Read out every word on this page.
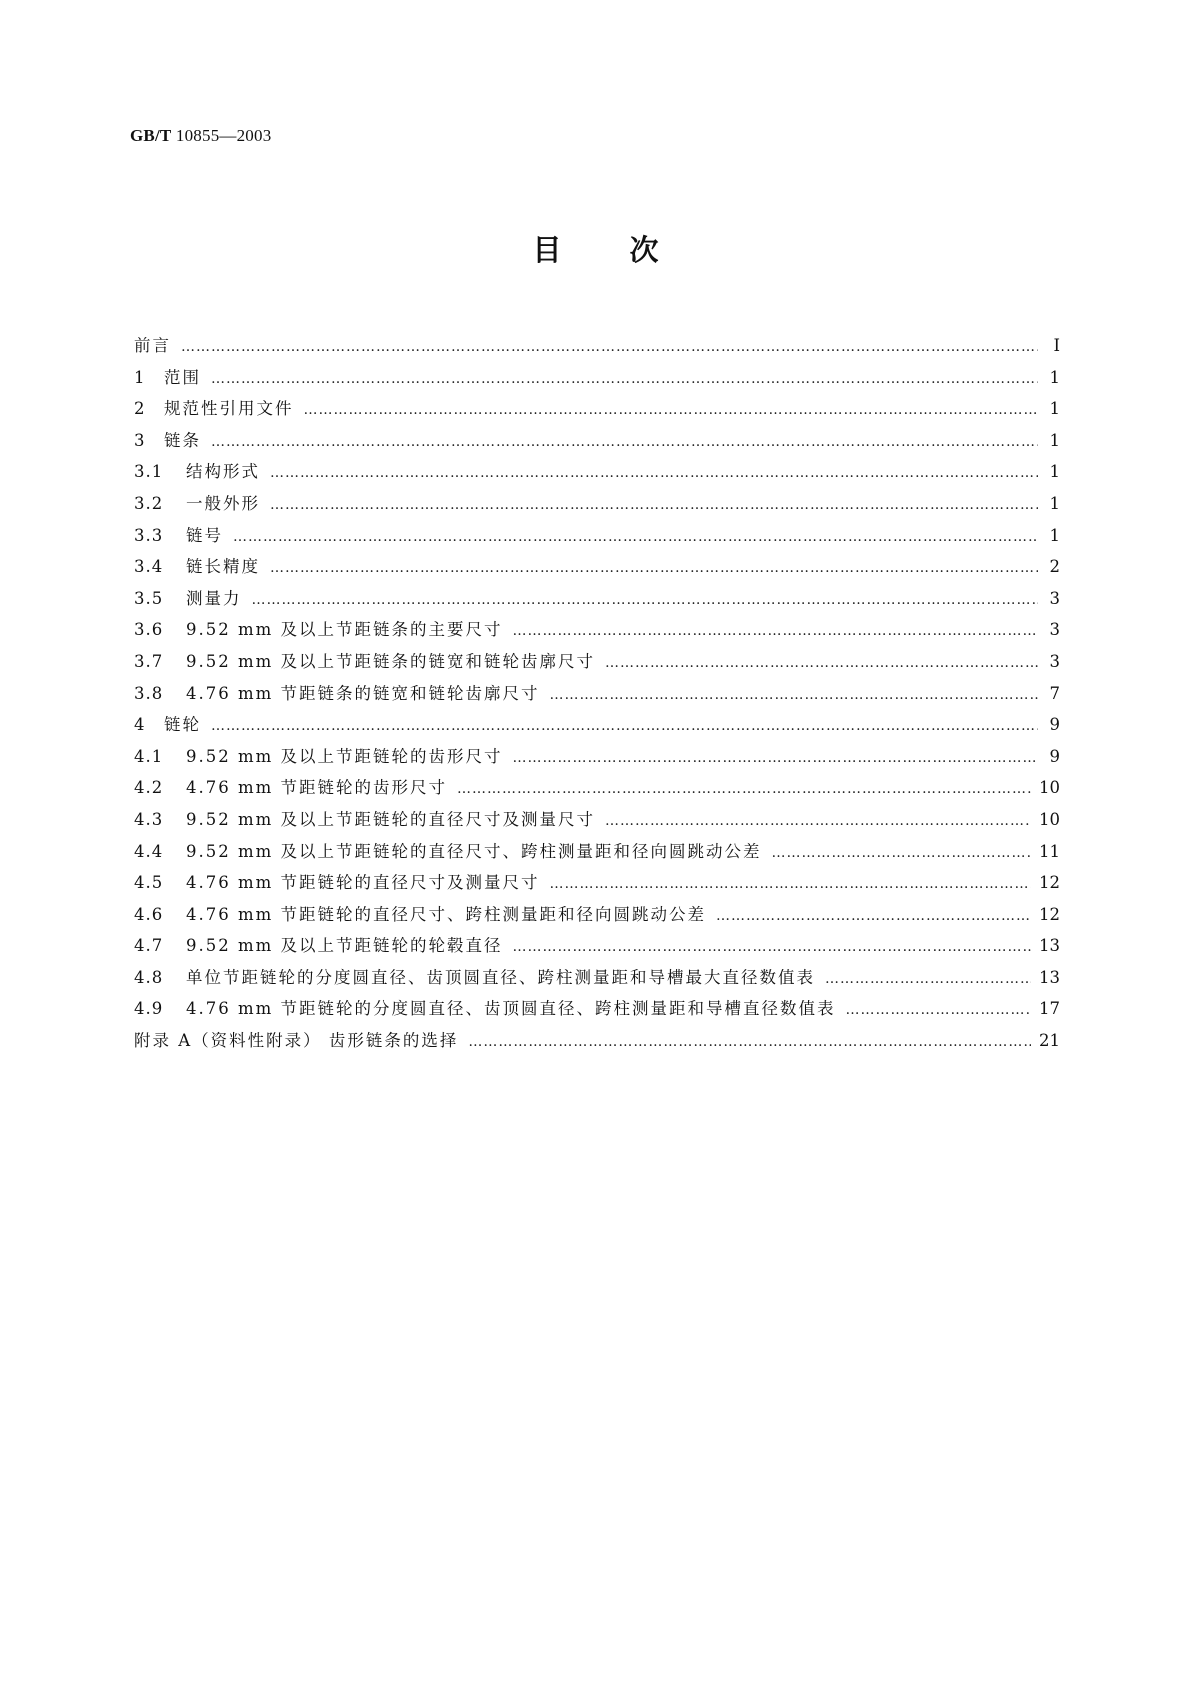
GB/T 10855—2003
目次
前言 ……………………………………………………………………………………………………………………………………………………………………………………………………	I
1	范围 ……………………………………………………………………………………………………………………………………………………………………………………………………	1
2	规范性引用文件 ……………………………………………………………………………………………………………………………………………………………………………………………………	1
3	链条 ……………………………………………………………………………………………………………………………………………………………………………………………………	1
3.1	结构形式 ……………………………………………………………………………………………………………………………………………………………………………………………………	1
3.2	一般外形 ……………………………………………………………………………………………………………………………………………………………………………………………………	1
3.3	链号 ……………………………………………………………………………………………………………………………………………………………………………………………………	1
3.4	链长精度 ……………………………………………………………………………………………………………………………………………………………………………………………………	2
3.5	测量力 ……………………………………………………………………………………………………………………………………………………………………………………………………	3
3.6	9.52 mm 及以上节距链条的主要尺寸 ……………………………………………………………………………………………………………………………………………………………………………………………………	3
3.7	9.52 mm 及以上节距链条的链宽和链轮齿廓尺寸 ……………………………………………………………………………………………………………………………………………………………………………………………………	3
3.8	4.76 mm 节距链条的链宽和链轮齿廓尺寸 ……………………………………………………………………………………………………………………………………………………………………………………………………	7
4	链轮 ……………………………………………………………………………………………………………………………………………………………………………………………………	9
4.1	9.52 mm 及以上节距链轮的齿形尺寸 ……………………………………………………………………………………………………………………………………………………………………………………………………	9
4.2	4.76 mm 节距链轮的齿形尺寸 ……………………………………………………………………………………………………………………………………………………………………………………………………	10
4.3	9.52 mm 及以上节距链轮的直径尺寸及测量尺寸 ……………………………………………………………………………………………………………………………………………………………………………………………………	10
4.4	9.52 mm 及以上节距链轮的直径尺寸、跨柱测量距和径向圆跳动公差 ……………………………………………………………………………………………………………………………………………………………………………………………………	11
4.5	4.76 mm 节距链轮的直径尺寸及测量尺寸 ……………………………………………………………………………………………………………………………………………………………………………………………………	12
4.6	4.76 mm 节距链轮的直径尺寸、跨柱测量距和径向圆跳动公差 ……………………………………………………………………………………………………………………………………………………………………………………………………	12
4.7	9.52 mm 及以上节距链轮的轮毂直径 ……………………………………………………………………………………………………………………………………………………………………………………………………	13
4.8	单位节距链轮的分度圆直径、齿顶圆直径、跨柱测量距和导槽最大直径数值表 ……………………………………………………………………………………………………………………………………………………………………………………………………	13
4.9	4.76 mm 节距链轮的分度圆直径、齿顶圆直径、跨柱测量距和导槽直径数值表 ……………………………………………………………………………………………………………………………………………………………………………………………………	17
附录 A（资料性附录） 齿形链条的选择 ……………………………………………………………………………………………………………………………………………………………………………………………………	21
